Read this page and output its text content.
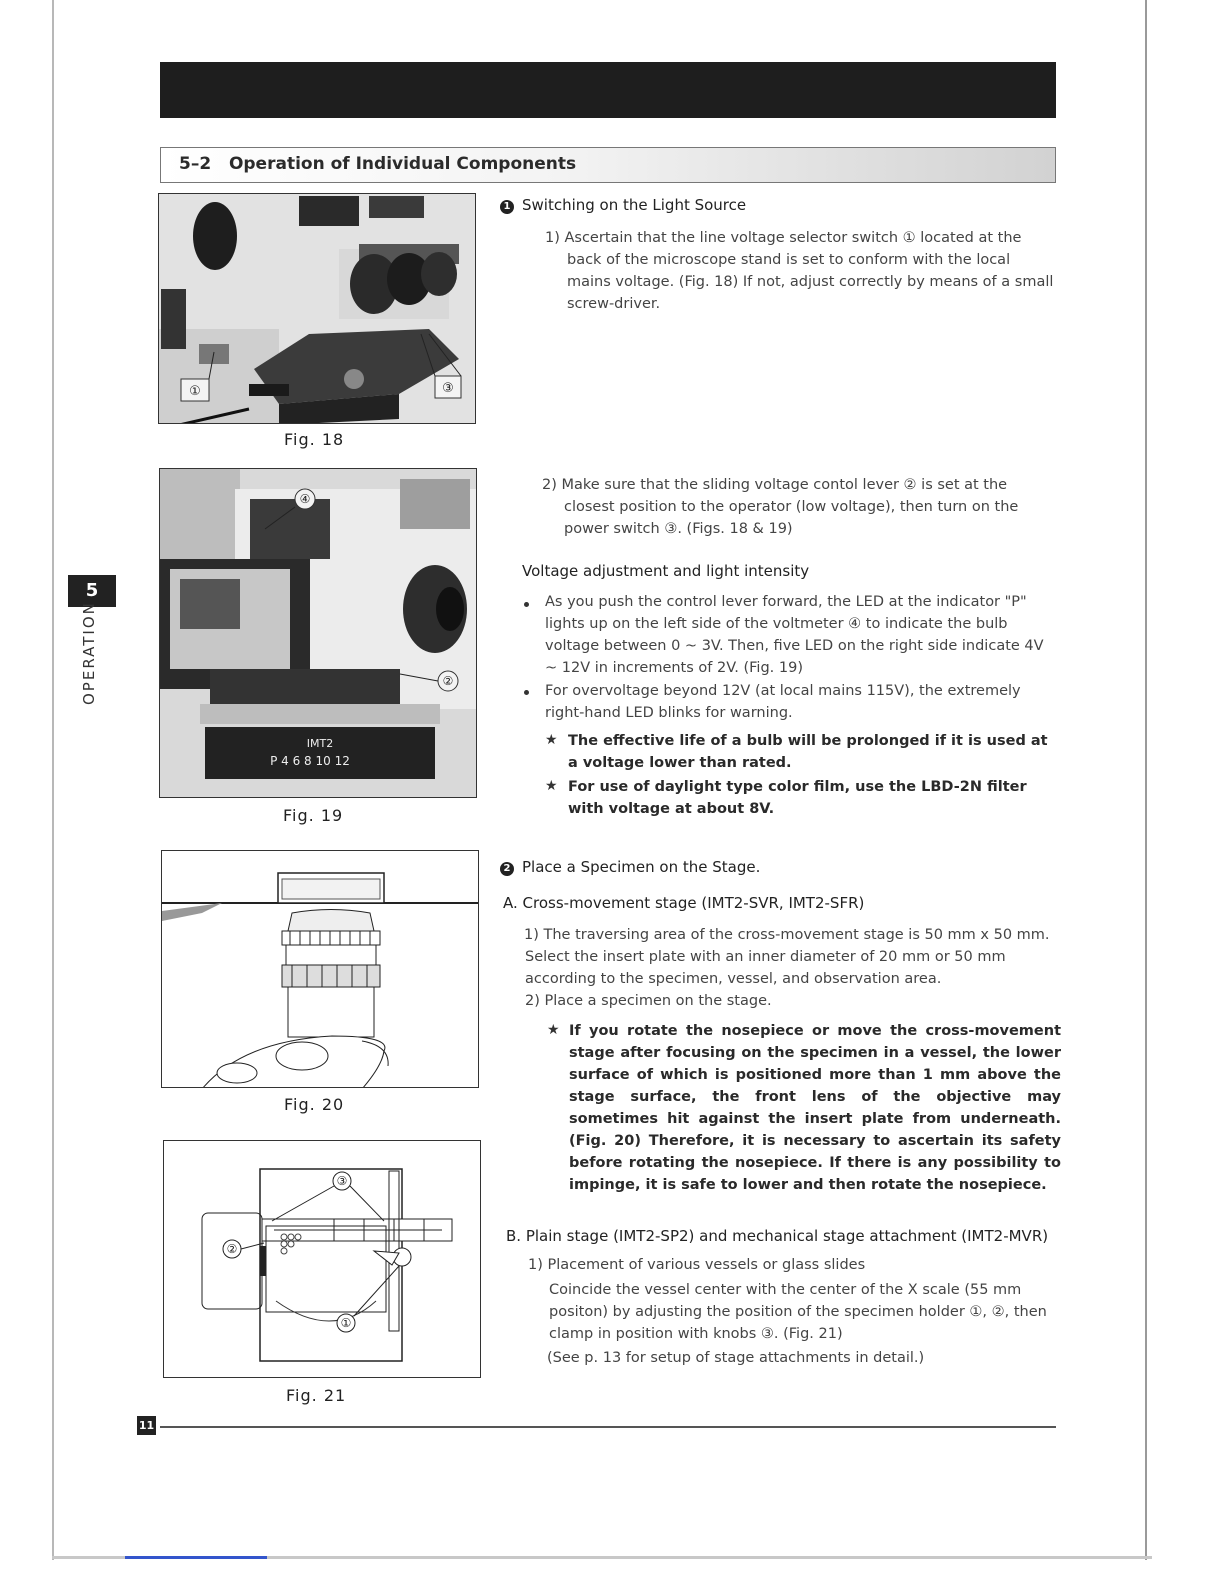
5–2 Operation of Individual Components
5
OPERATION
①	③
Fig. 18
IMT2
P 4 6 8 10 12
④
②
Fig. 19
Fig. 20
③
②
①
Fig. 21
1 Switching on the Light Source

1) Ascertain that the line voltage selector switch ① located at the back of the microscope stand is set to conform with the local mains voltage. (Fig. 18) If not, adjust correctly by means of a small screw-driver.

2) Make sure that the sliding voltage contol lever ② is set at the closest position to the operator (low voltage), then turn on the power switch ③. (Figs. 18 & 19)

Voltage adjustment and light intensity
As you push the control lever forward, the LED at the indicator "P" lights up on the left side of the voltmeter ④ to indicate the bulb voltage between 0 ~ 3V. Then, five LED on the right side indicate 4V ~ 12V in increments of 2V. (Fig. 19)
For overvoltage beyond 12V (at local mains 115V), the extremely right-hand LED blinks for warning.
★ The effective life of a bulb will be prolonged if it is used at a voltage lower than rated.
★ For use of daylight type color film, use the LBD-2N filter with voltage at about 8V.
2 Place a Specimen on the Stage.
A. Cross-movement stage (IMT2-SVR, IMT2-SFR)
1) The traversing area of the cross-movement stage is 50 mm x 50 mm. Select the insert plate with an inner diameter of 20 mm or 50 mm according to the specimen, vessel, and observation area.
2) Place a specimen on the stage.
★ If you rotate the nosepiece or move the cross-movement stage after focusing on the specimen in a vessel, the lower surface of which is positioned more than 1 mm above the stage surface, the front lens of the objective may sometimes hit against the insert plate from underneath. (Fig. 20) Therefore, it is necessary to ascertain its safety before rotating the nosepiece. If there is any possibility to impinge, it is safe to lower and then rotate the nosepiece.
B. Plain stage (IMT2-SP2) and mechanical stage attachment (IMT2-MVR)
1) Placement of various vessels or glass slides
Coincide the vessel center with the center of the X scale (55 mm positon) by adjusting the position of the specimen holder ①, ②, then clamp in position with knobs ③. (Fig. 21)
(See p. 13 for setup of stage attachments in detail.)
11
